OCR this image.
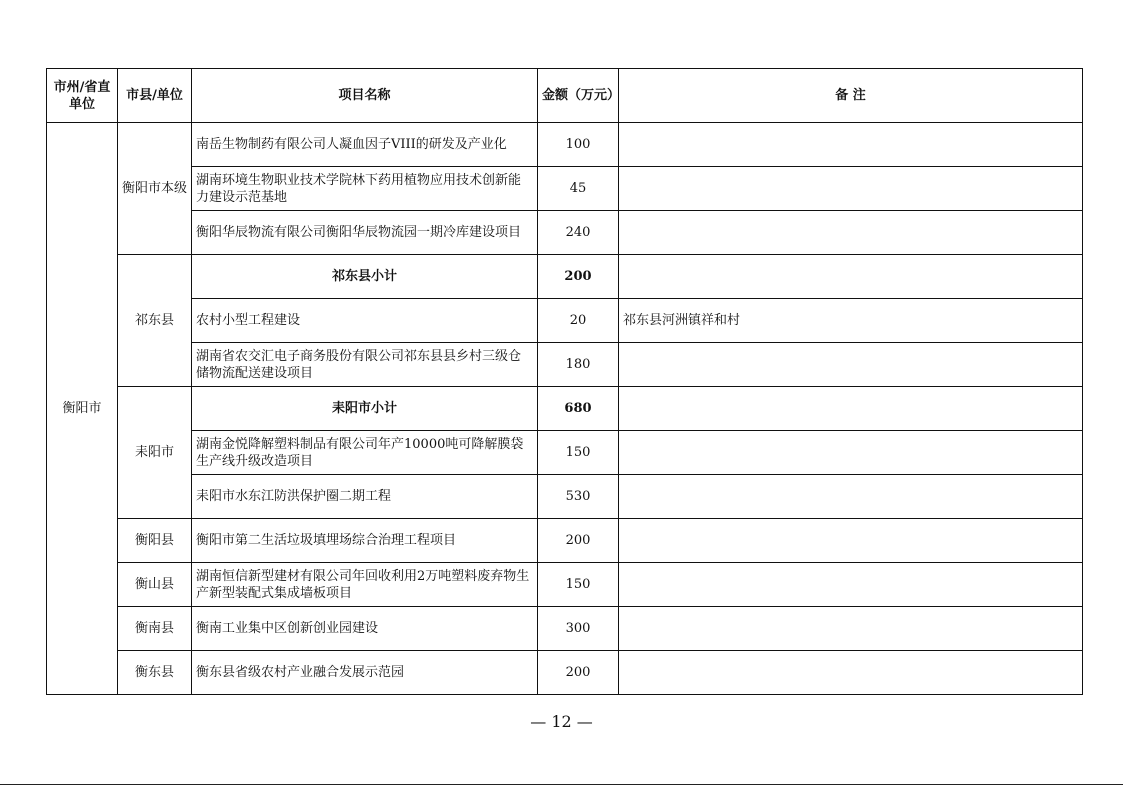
市州/省直单位	市县/单位	项目名称	金额（万元）	备 注
衡阳市	衡阳市本级	南岳生物制药有限公司人凝血因子VIII的研发及产业化	100	
		湖南环境生物职业技术学院林下药用植物应用技术创新能力建设示范基地	45	
		衡阳华辰物流有限公司衡阳华辰物流园一期冷库建设项目	240	
	祁东县	祁东县小计	200	
		农村小型工程建设	20	祁东县河洲镇祥和村
		湖南省农交汇电子商务股份有限公司祁东县县乡村三级仓储物流配送建设项目	180	
	耒阳市	耒阳市小计	680	
		湖南金悦降解塑料制品有限公司年产10000吨可降解膜袋生产线升级改造项目	150	
		耒阳市水东江防洪保护圈二期工程	530	
	衡阳县	衡阳市第二生活垃圾填埋场综合治理工程项目	200	
	衡山县	湖南恒信新型建材有限公司年回收利用2万吨塑料废弃物生产新型装配式集成墙板项目	150	
	衡南县	衡南工业集中区创新创业园建设	300	
	衡东县	衡东县省级农村产业融合发展示范园	200	
— 12 —
